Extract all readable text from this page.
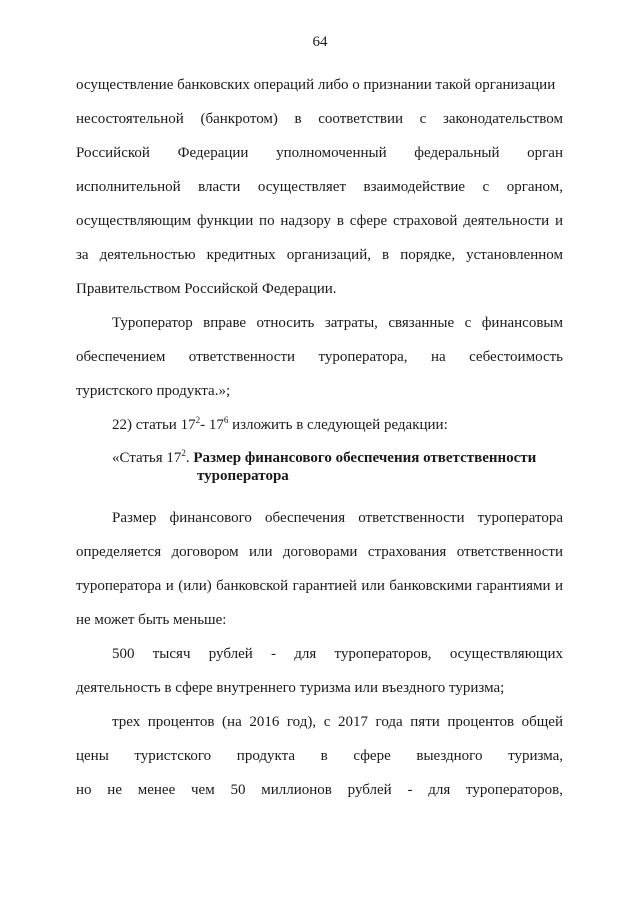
64
осуществление банковских операций либо о признании такой организации
несостоятельной (банкротом) в соответствии с законодательством
Российской Федерации уполномоченный федеральный орган
исполнительной власти осуществляет взаимодействие с органом,
осуществляющим функции по надзору в сфере страховой деятельности и
за деятельностью кредитных организаций, в порядке, установленном
Правительством Российской Федерации.
Туроператор вправе относить затраты, связанные с финансовым
обеспечением ответственности туроператора, на себестоимость
туристского продукта.»;
22) статьи $17^2-$ $17^6$ изложить в следующей редакции:
«Статья $17^2$. Размер финансового обеспечения ответственности
туроператора
Размер финансового обеспечения ответственности туроператора
определяется договором или договорами страхования ответственности
туроператора и (или) банковской гарантией или банковскими гарантиями и
не может быть меньше:
500 тысяч рублей - для туроператоров, осуществляющих
деятельность в сфере внутреннего туризма или въездного туризма;
трех процентов (на 2016 год), с 2017 года пяти процентов общей
цены туристского продукта в сфере выездного туризма,
но не менее чем 50 миллионов рублей - для туроператоров,
